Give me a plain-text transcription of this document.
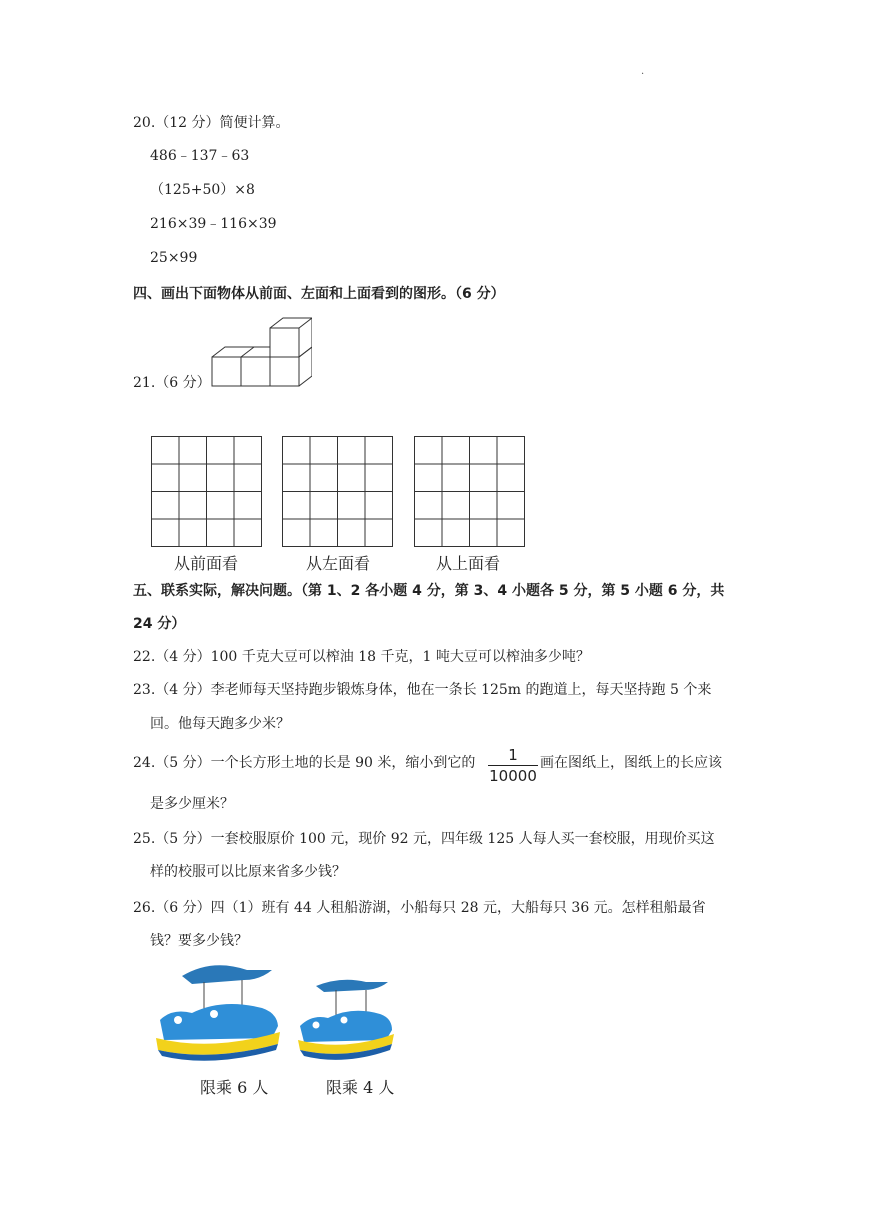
.
20.（12 分）简便计算。
486﹣137﹣63
（125+50）×8
216×39﹣116×39
25×99
四、画出下面物体从前面、左面和上面看到的图形。（6 分）
21.（6 分）
从前面看	从左面看	从上面看
五、联系实际，解决问题。（第 1、2 各小题 4 分，第 3、4 小题各 5 分，第 5 小题 6 分，共
24 分）
22.（4 分）100 千克大豆可以榨油 18 千克，1 吨大豆可以榨油多少吨？
23.（4 分）李老师每天坚持跑步锻炼身体，他在一条长 125m 的跑道上，每天坚持跑 5 个来
回。他每天跑多少米？
24.（5 分）一个长方形土地的长是 90 米，缩小到它的 1
10000
画在图纸上，图纸上的长应该
是多少厘米？
25.（5 分）一套校服原价 100 元，现价 92 元，四年级 125 人每人买一套校服，用现价买这
样的校服可以比原来省多少钱？
26.（6 分）四（1）班有 44 人租船游湖，小船每只 28 元，大船每只 36 元。怎样租船最省
钱？要多少钱？
限乘 6 人	限乘 4 人
